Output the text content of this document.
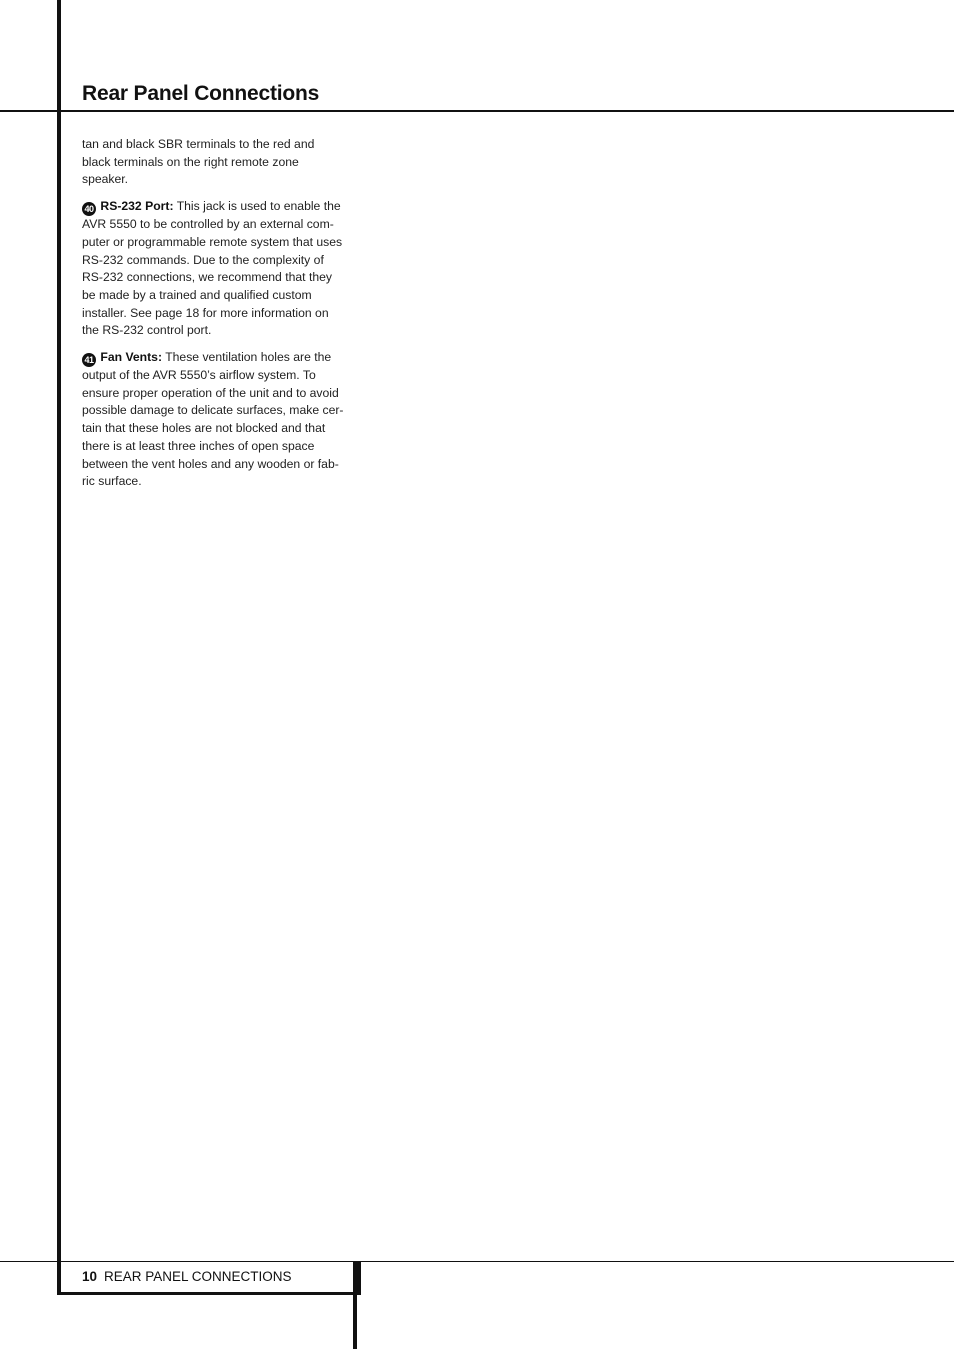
Rear Panel Connections

tan and black SBR terminals to the red and black terminals on the right remote zone speaker.

40 RS-232 Port: This jack is used to enable the AVR 5550 to be controlled by an external com-puter or programmable remote system that uses RS-232 commands. Due to the complexity of RS-232 connections, we recommend that they be made by a trained and qualified custom installer. See page 18 for more information on the RS-232 control port.

41 Fan Vents: These ventilation holes are the output of the AVR 5550’s airflow system. To ensure proper operation of the unit and to avoid possible damage to delicate surfaces, make cer-tain that these holes are not blocked and that there is at least three inches of open space between the vent holes and any wooden or fab-ric surface.

10 REAR PANEL CONNECTIONS
